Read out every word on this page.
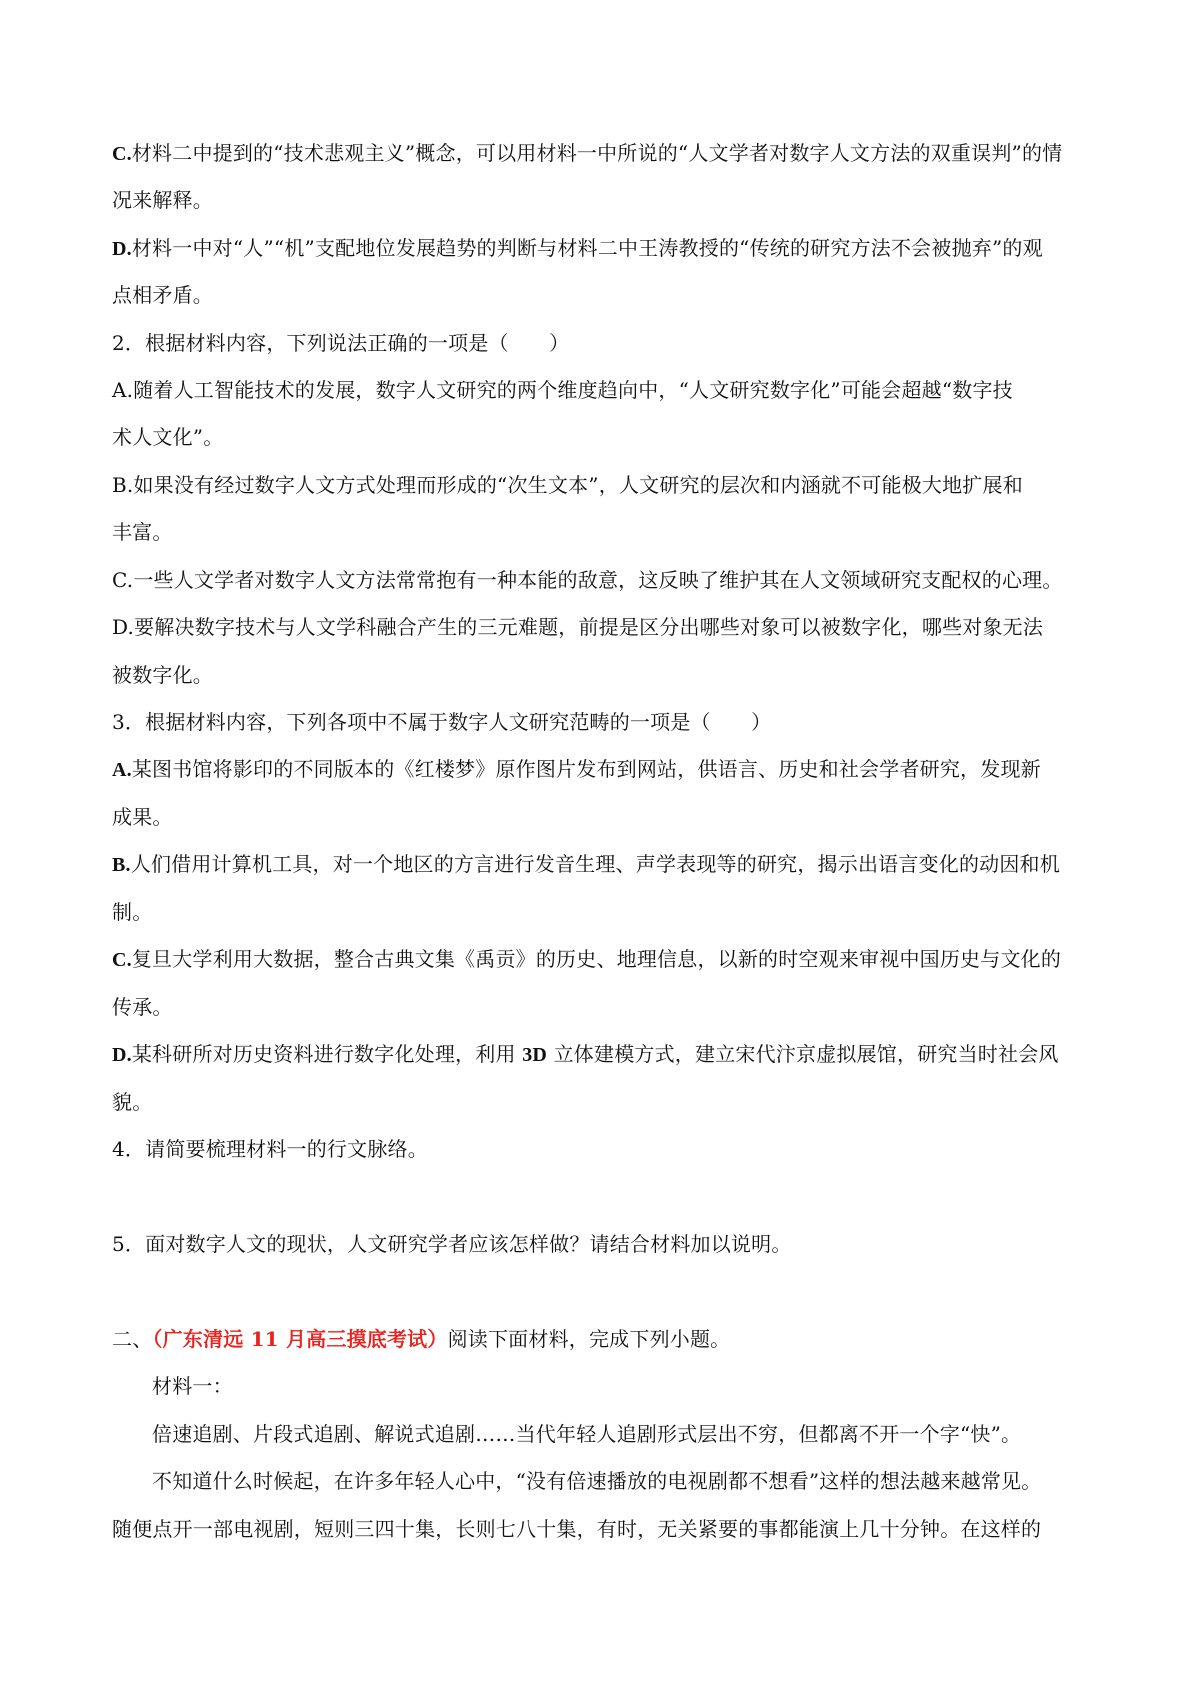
C.材料二中提到的“技术悲观主义”概念，可以用材料一中所说的“人文学者对数字人文方法的双重误判”的情
况来解释。
D.材料一中对“人”“机”支配地位发展趋势的判断与材料二中王涛教授的“传统的研究方法不会被抛弃”的观
点相矛盾。
2．根据材料内容，下列说法正确的一项是（　　）
A.随着人工智能技术的发展，数字人文研究的两个维度趋向中，“人文研究数字化”可能会超越“数字技
术人文化”。
B.如果没有经过数字人文方式处理而形成的“次生文本”，人文研究的层次和内涵就不可能极大地扩展和
丰富。
C.一些人文学者对数字人文方法常常抱有一种本能的敌意，这反映了维护其在人文领域研究支配权的心理。
D.要解决数字技术与人文学科融合产生的三元难题，前提是区分出哪些对象可以被数字化，哪些对象无法
被数字化。
3．根据材料内容，下列各项中不属于数字人文研究范畴的一项是（　　）
A.某图书馆将影印的不同版本的《红楼梦》原作图片发布到网站，供语言、历史和社会学者研究，发现新
成果。
B.人们借用计算机工具，对一个地区的方言进行发音生理、声学表现等的研究，揭示出语言变化的动因和机
制。
C.复旦大学利用大数据，整合古典文集《禹贡》的历史、地理信息，以新的时空观来审视中国历史与文化的
传承。
D.某科研所对历史资料进行数字化处理，利用 3D 立体建模方式，建立宋代汴京虚拟展馆，研究当时社会风
貌。
4．请简要梳理材料一的行文脉络。
5．面对数字人文的现状，人文研究学者应该怎样做？请结合材料加以说明。
二、（广东清远 11 月高三摸底考试）阅读下面材料，完成下列小题。
材料一：
倍速追剧、片段式追剧、解说式追剧……当代年轻人追剧形式层出不穷，但都离不开一个字“快”。
不知道什么时候起，在许多年轻人心中，“没有倍速播放的电视剧都不想看”这样的想法越来越常见。
随便点开一部电视剧，短则三四十集，长则七八十集，有时，无关紧要的事都能演上几十分钟。在这样的
